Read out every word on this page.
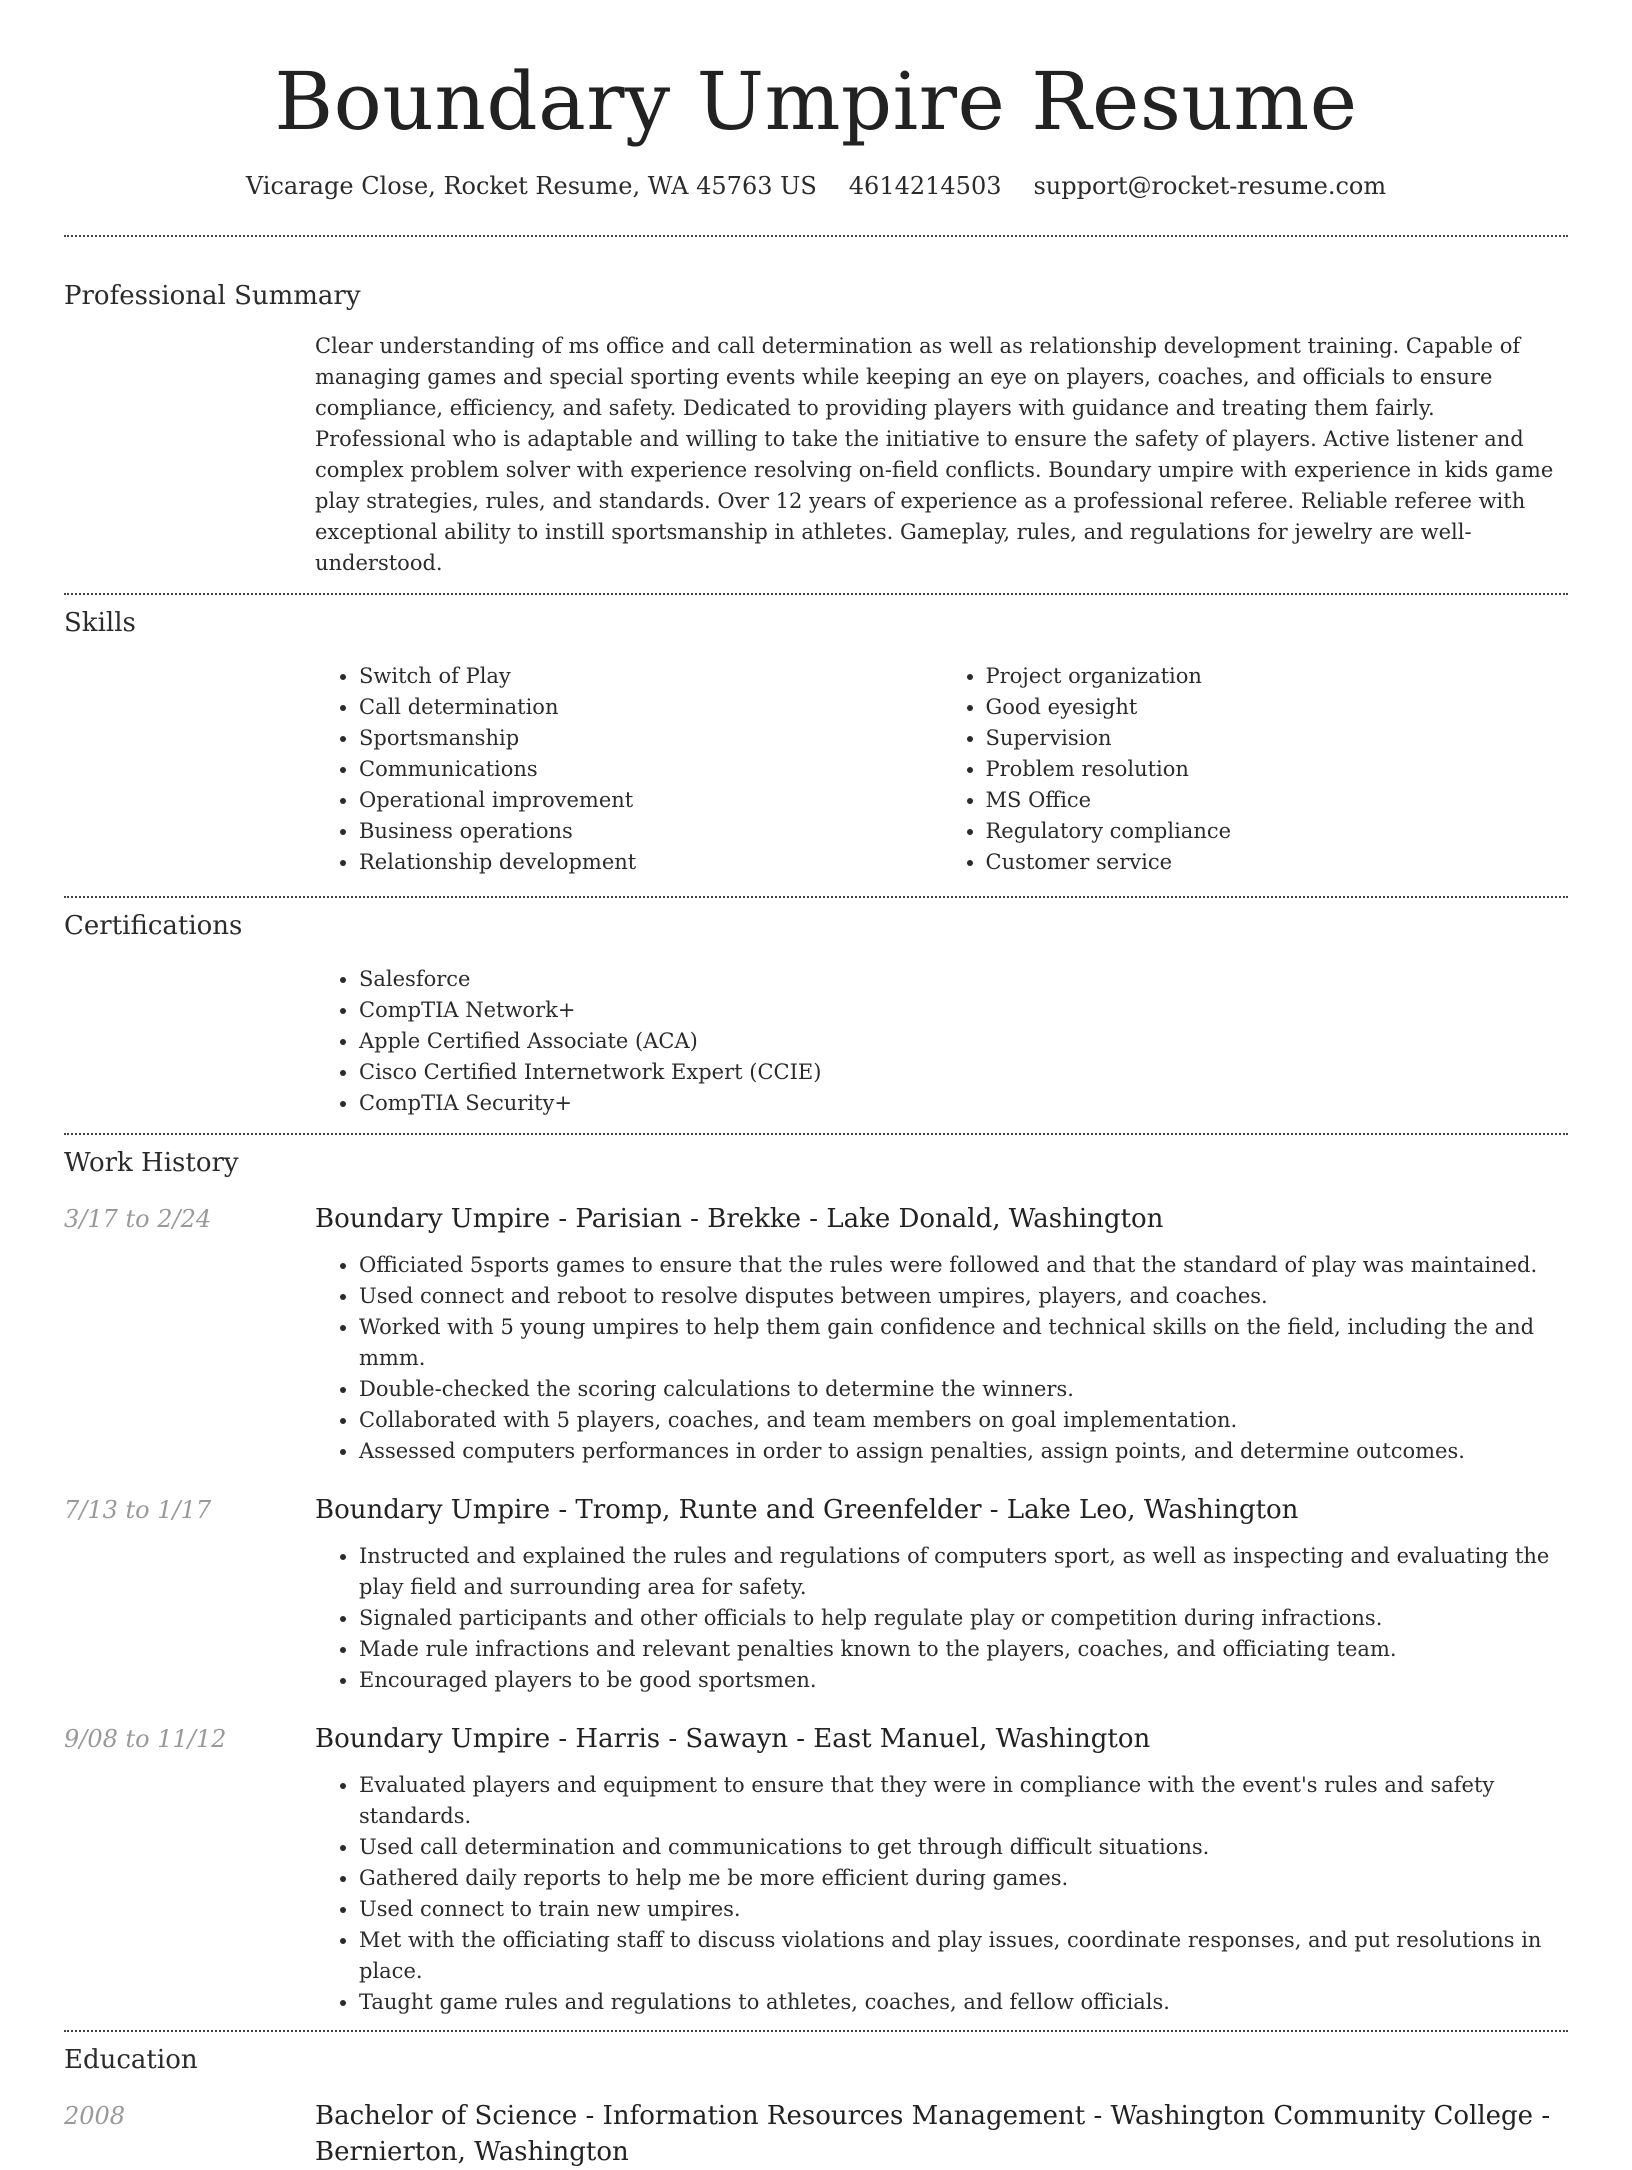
Boundary Umpire Resume
Vicarage Close, Rocket Resume, WA 45763 US 4614214503 support@rocket-resume.com
Professional Summary

Clear understanding of ms office and call determination as well as relationship development training. Capable of managing games and special sporting events while keeping an eye on players, coaches, and officials to ensure compliance, efficiency, and safety. Dedicated to providing players with guidance and treating them fairly. Professional who is adaptable and willing to take the initiative to ensure the safety of players. Active listener and complex problem solver with experience resolving on-field conflicts. Boundary umpire with experience in kids game play strategies, rules, and standards. Over 12 years of experience as a professional referee. Reliable referee with exceptional ability to instill sportsmanship in athletes. Gameplay, rules, and regulations for jewelry are well-understood.

Skills
• Switch of Play
• Call determination
• Sportsmanship
• Communications
• Operational improvement
• Business operations
• Relationship development
• Project organization
• Good eyesight
• Supervision
• Problem resolution
• MS Office
• Regulatory compliance
• Customer service
Certifications
• Salesforce
• CompTIA Network+
• Apple Certified Associate (ACA)
• Cisco Certified Internetwork Expert (CCIE)
• CompTIA Security+
Work History
3/17 to 2/24	Boundary Umpire - Parisian - Brekke - Lake Donald, Washington
• Officiated 5sports games to ensure that the rules were followed and that the standard of play was maintained.
• Used connect and reboot to resolve disputes between umpires, players, and coaches.
• Worked with 5 young umpires to help them gain confidence and technical skills on the field, including the and mmm.
• Double-checked the scoring calculations to determine the winners.
• Collaborated with 5 players, coaches, and team members on goal implementation.
• Assessed computers performances in order to assign penalties, assign points, and determine outcomes.
7/13 to 1/17	Boundary Umpire - Tromp, Runte and Greenfelder - Lake Leo, Washington
• Instructed and explained the rules and regulations of computers sport, as well as inspecting and evaluating the play field and surrounding area for safety.
• Signaled participants and other officials to help regulate play or competition during infractions.
• Made rule infractions and relevant penalties known to the players, coaches, and officiating team.
• Encouraged players to be good sportsmen.
9/08 to 11/12	Boundary Umpire - Harris - Sawayn - East Manuel, Washington
• Evaluated players and equipment to ensure that they were in compliance with the event's rules and safety standards.
• Used call determination and communications to get through difficult situations.
• Gathered daily reports to help me be more efficient during games.
• Used connect to train new umpires.
• Met with the officiating staff to discuss violations and play issues, coordinate responses, and put resolutions in place.
• Taught game rules and regulations to athletes, coaches, and fellow officials.
Education
2008	Bachelor of Science - Information Resources Management - Washington Community College - Bernierton, Washington
